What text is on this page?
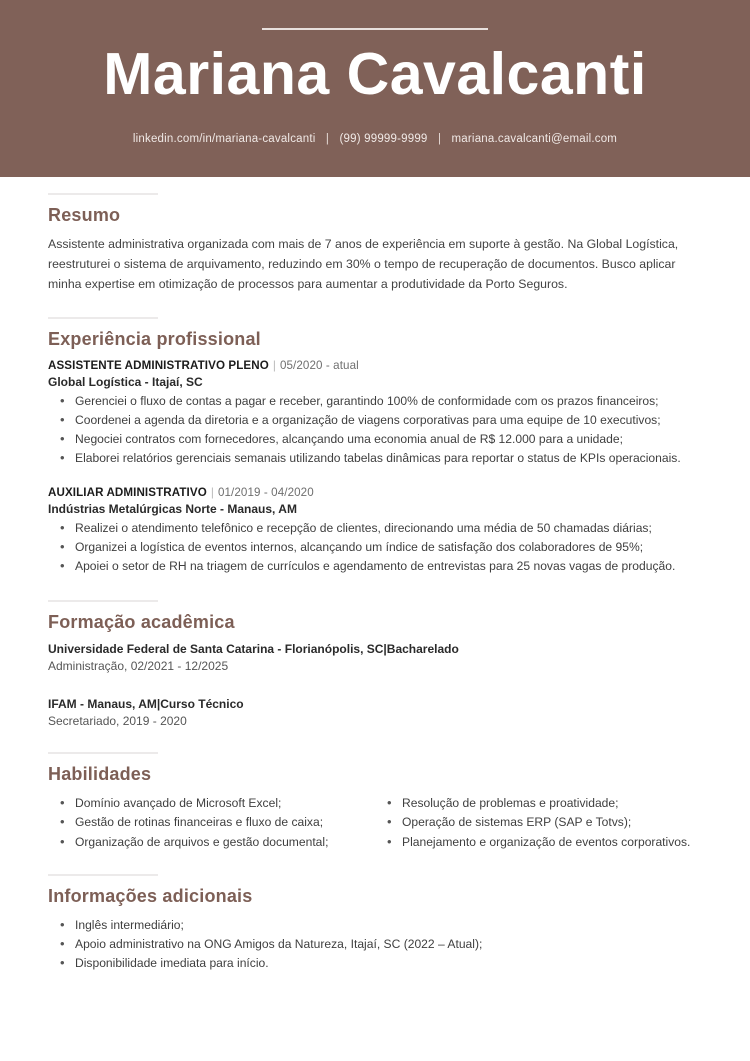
Mariana Cavalcanti
linkedin.com/in/mariana-cavalcanti | (99) 99999-9999 | mariana.cavalcanti@email.com
Resumo

Assistente administrativa organizada com mais de 7 anos de experiência em suporte à gestão. Na Global Logística, reestruturei o sistema de arquivamento, reduzindo em 30% o tempo de recuperação de documentos. Busco aplicar minha expertise em otimização de processos para aumentar a produtividade da Porto Seguros.

Experiência profissional
ASSISTENTE ADMINISTRATIVO PLENO | 05/2020 - atual
Global Logística - Itajaí, SC
• Gerenciei o fluxo de contas a pagar e receber, garantindo 100% de conformidade com os prazos financeiros;
• Coordenei a agenda da diretoria e a organização de viagens corporativas para uma equipe de 10 executivos;
• Negociei contratos com fornecedores, alcançando uma economia anual de R$ 12.000 para a unidade;
• Elaborei relatórios gerenciais semanais utilizando tabelas dinâmicas para reportar o status de KPIs operacionais.
AUXILIAR ADMINISTRATIVO | 01/2019 - 04/2020
Indústrias Metalúrgicas Norte - Manaus, AM
• Realizei o atendimento telefônico e recepção de clientes, direcionando uma média de 50 chamadas diárias;
• Organizei a logística de eventos internos, alcançando um índice de satisfação dos colaboradores de 95%;
• Apoiei o setor de RH na triagem de currículos e agendamento de entrevistas para 25 novas vagas de produção.
Formação acadêmica
Universidade Federal de Santa Catarina - Florianópolis, SC|Bacharelado
Administração, 02/2021 - 12/2025
IFAM - Manaus, AM|Curso Técnico
Secretariado, 2019 - 2020
Habilidades
• Domínio avançado de Microsoft Excel;
• Gestão de rotinas financeiras e fluxo de caixa;
• Organização de arquivos e gestão documental;
• Resolução de problemas e proatividade;
• Operação de sistemas ERP (SAP e Totvs);
• Planejamento e organização de eventos corporativos.
Informações adicionais
• Inglês intermediário;
• Apoio administrativo na ONG Amigos da Natureza, Itajaí, SC (2022 – Atual);
• Disponibilidade imediata para início.
